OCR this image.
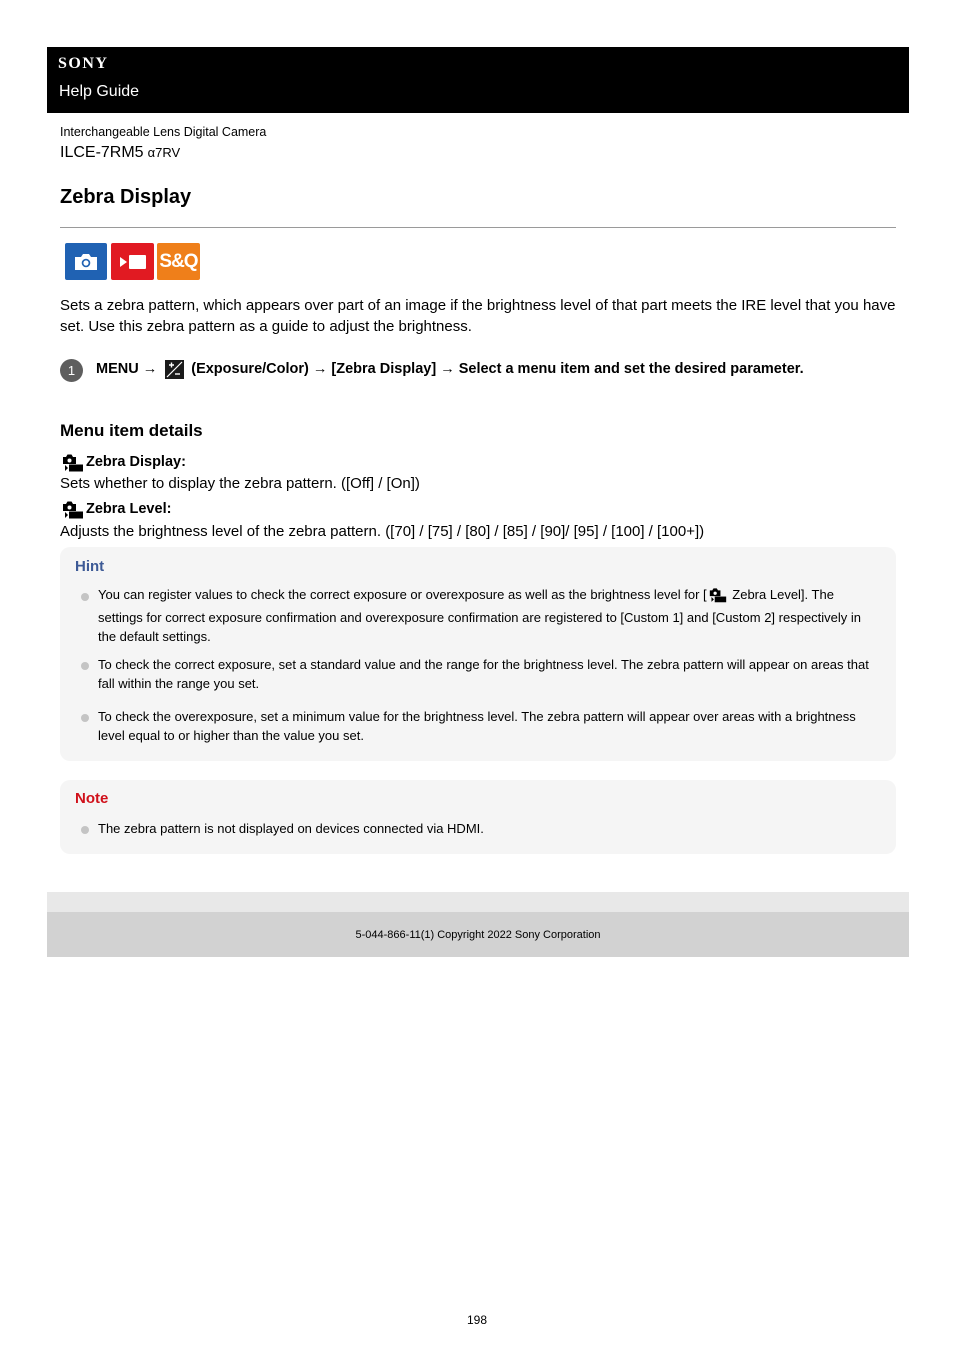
SONY
Help Guide
Interchangeable Lens Digital Camera
ILCE-7RM5 α7RV
Zebra Display
S&Q

Sets a zebra pattern, which appears over part of an image if the brightness level of that part meets the IRE level that you have set. Use this zebra pattern as a guide to adjust the brightness.

1	MENU → (Exposure/Color) → [Zebra Display] → Select a menu item and set the desired parameter.
Menu item details
Zebra Display:

Sets whether to display the zebra pattern. ([Off] / [On])

Zebra Level:

Adjusts the brightness level of the zebra pattern. ([70] / [75] / [80] / [85] / [90]/ [95] / [100] / [100+])

Hint

You can register values to check the correct exposure or overexposure as well as the brightness level for [ Zebra Level]. The settings for correct exposure confirmation and overexposure confirmation are registered to [Custom 1] and [Custom 2] respectively in the default settings.

To check the correct exposure, set a standard value and the range for the brightness level. The zebra pattern will appear on areas that fall within the range you set.

To check the overexposure, set a minimum value for the brightness level. The zebra pattern will appear over areas with a brightness level equal to or higher than the value you set.

Note

The zebra pattern is not displayed on devices connected via HDMI.

5-044-866-11(1) Copyright 2022 Sony Corporation
198
